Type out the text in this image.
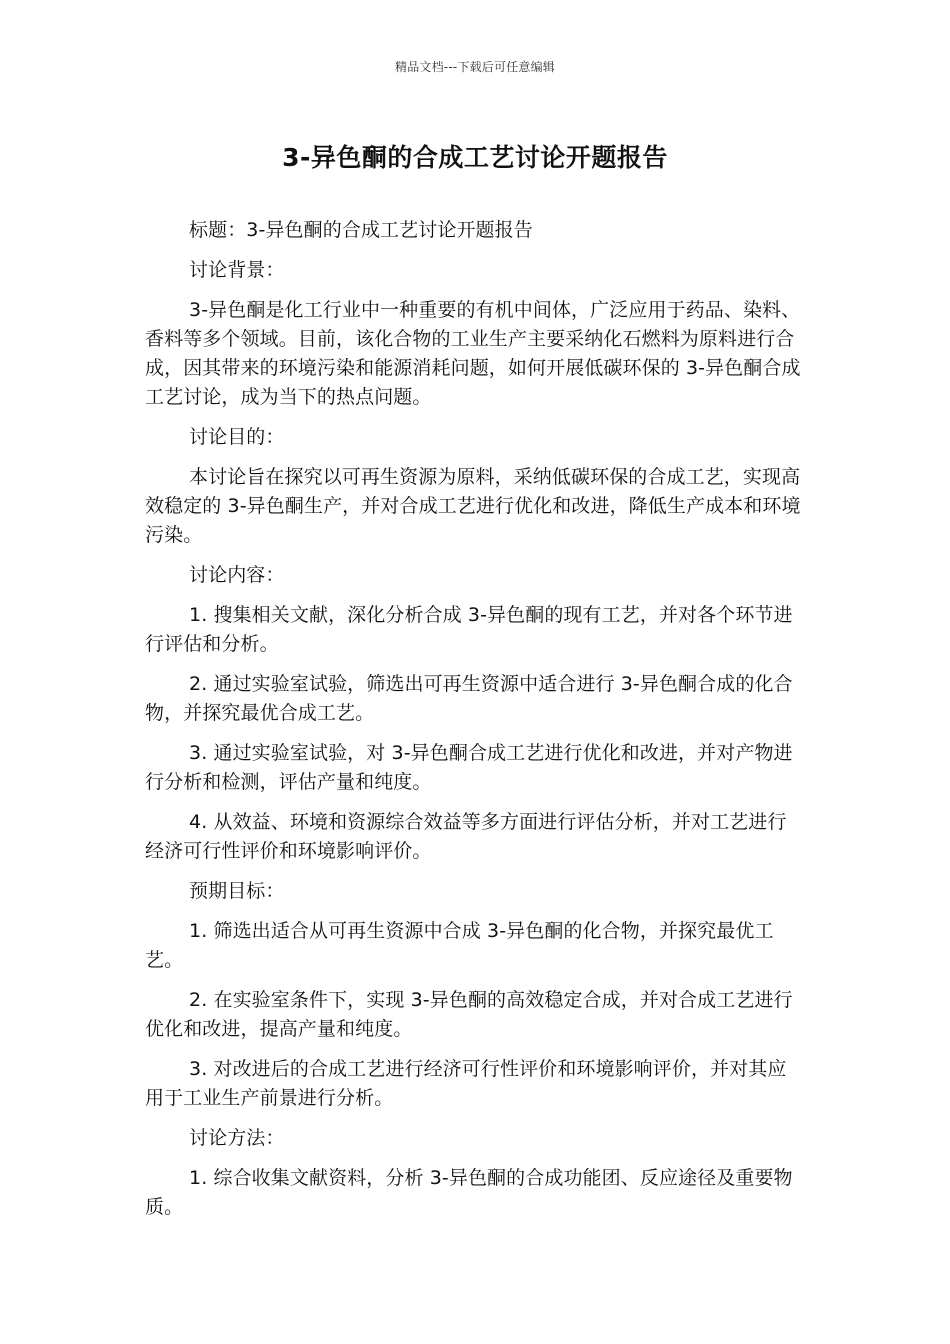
精品文档---下载后可任意编辑
3-异色酮的合成工艺讨论开题报告

标题：3-异色酮的合成工艺讨论开题报告

讨论背景：

3-异色酮是化工行业中一种重要的有机中间体，广泛应用于药品、染料、香料等多个领域。目前，该化合物的工业生产主要采纳化石燃料为原料进行合成，因其带来的环境污染和能源消耗问题，如何开展低碳环保的 3-异色酮合成工艺讨论，成为当下的热点问题。

讨论目的：

本讨论旨在探究以可再生资源为原料，采纳低碳环保的合成工艺，实现高效稳定的 3-异色酮生产，并对合成工艺进行优化和改进，降低生产成本和环境污染。

讨论内容：

1. 搜集相关文献，深化分析合成 3-异色酮的现有工艺，并对各个环节进行评估和分析。

2. 通过实验室试验，筛选出可再生资源中适合进行 3-异色酮合成的化合物，并探究最优合成工艺。

3. 通过实验室试验，对 3-异色酮合成工艺进行优化和改进，并对产物进行分析和检测，评估产量和纯度。

4. 从效益、环境和资源综合效益等多方面进行评估分析，并对工艺进行经济可行性评价和环境影响评价。

预期目标：

1. 筛选出适合从可再生资源中合成 3-异色酮的化合物，并探究最优工艺。

2. 在实验室条件下，实现 3-异色酮的高效稳定合成，并对合成工艺进行优化和改进，提高产量和纯度。

3. 对改进后的合成工艺进行经济可行性评价和环境影响评价，并对其应用于工业生产前景进行分析。

讨论方法：

1. 综合收集文献资料，分析 3-异色酮的合成功能团、反应途径及重要物质。
